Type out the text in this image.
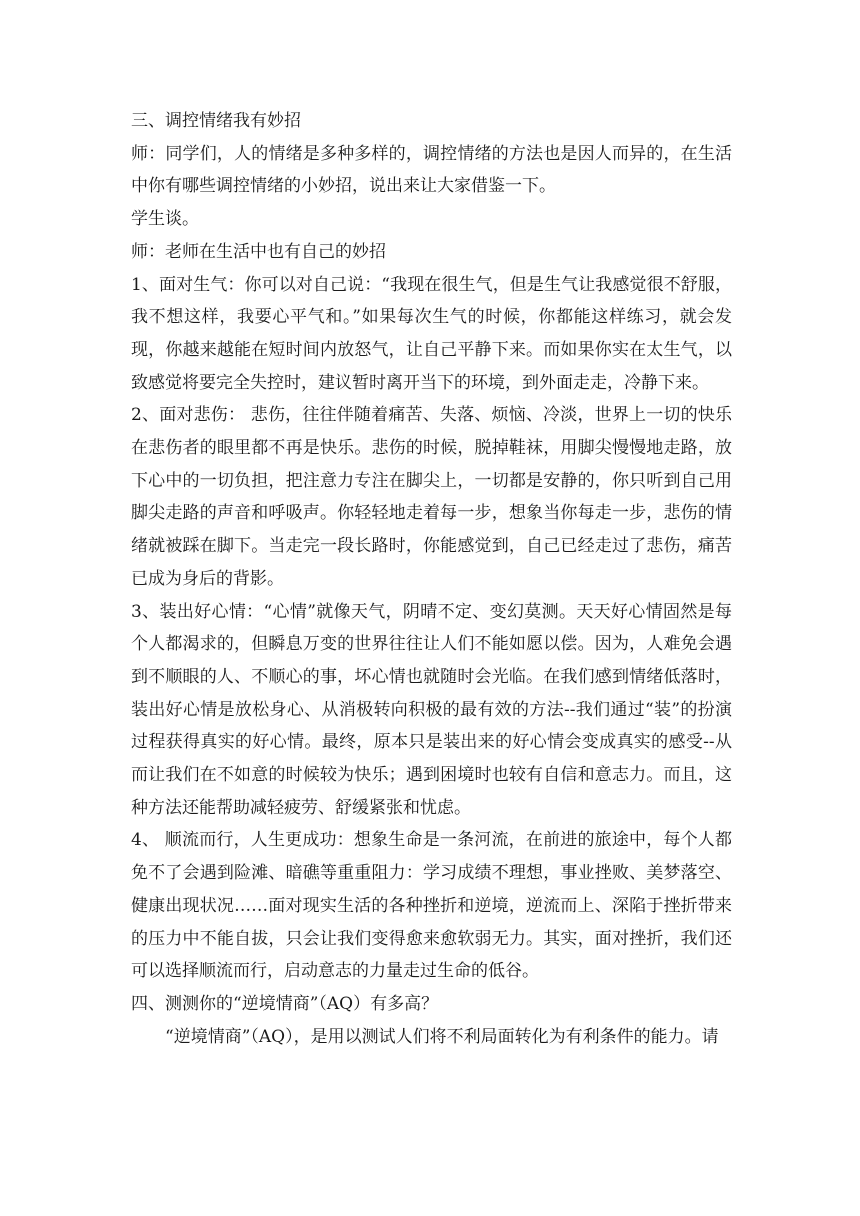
三、调控情绪我有妙招

师：同学们，人的情绪是多种多样的，调控情绪的方法也是因人而异的，在生活中你有哪些调控情绪的小妙招，说出来让大家借鉴一下。

学生谈。

师：老师在生活中也有自己的妙招

1、面对生气：你可以对自己说：“我现在很生气，但是生气让我感觉很不舒服，我不想这样，我要心平气和。”如果每次生气的时候，你都能这样练习，就会发现，你越来越能在短时间内放怒气，让自己平静下来。而如果你实在太生气，以致感觉将要完全失控时，建议暂时离开当下的环境，到外面走走，冷静下来。

2、面对悲伤： 悲伤，往往伴随着痛苦、失落、烦恼、冷淡，世界上一切的快乐在悲伤者的眼里都不再是快乐。悲伤的时候，脱掉鞋袜，用脚尖慢慢地走路，放下心中的一切负担，把注意力专注在脚尖上，一切都是安静的，你只听到自己用脚尖走路的声音和呼吸声。你轻轻地走着每一步，想象当你每走一步，悲伤的情绪就被踩在脚下。当走完一段长路时，你能感觉到，自己已经走过了悲伤，痛苦已成为身后的背影。

3、装出好心情：“心情”就像天气，阴晴不定、变幻莫测。天天好心情固然是每个人都渴求的，但瞬息万变的世界往往让人们不能如愿以偿。因为，人难免会遇到不顺眼的人、不顺心的事，坏心情也就随时会光临。在我们感到情绪低落时，装出好心情是放松身心、从消极转向积极的最有效的方法--我们通过“装”的扮演过程获得真实的好心情。最终，原本只是装出来的好心情会变成真实的感受--从而让我们在不如意的时候较为快乐；遇到困境时也较有自信和意志力。而且，这种方法还能帮助减轻疲劳、舒缓紧张和忧虑。

4、 顺流而行，人生更成功：想象生命是一条河流，在前进的旅途中，每个人都免不了会遇到险滩、暗礁等重重阻力：学习成绩不理想，事业挫败、美梦落空、健康出现状况……面对现实生活的各种挫折和逆境，逆流而上、深陷于挫折带来的压力中不能自拔，只会让我们变得愈来愈软弱无力。其实，面对挫折，我们还可以选择顺流而行，启动意志的力量走过生命的低谷。

四、测测你的“逆境情商”（AQ）有多高？

“逆境情商”（AQ），是用以测试人们将不利局面转化为有利条件的能力。请
